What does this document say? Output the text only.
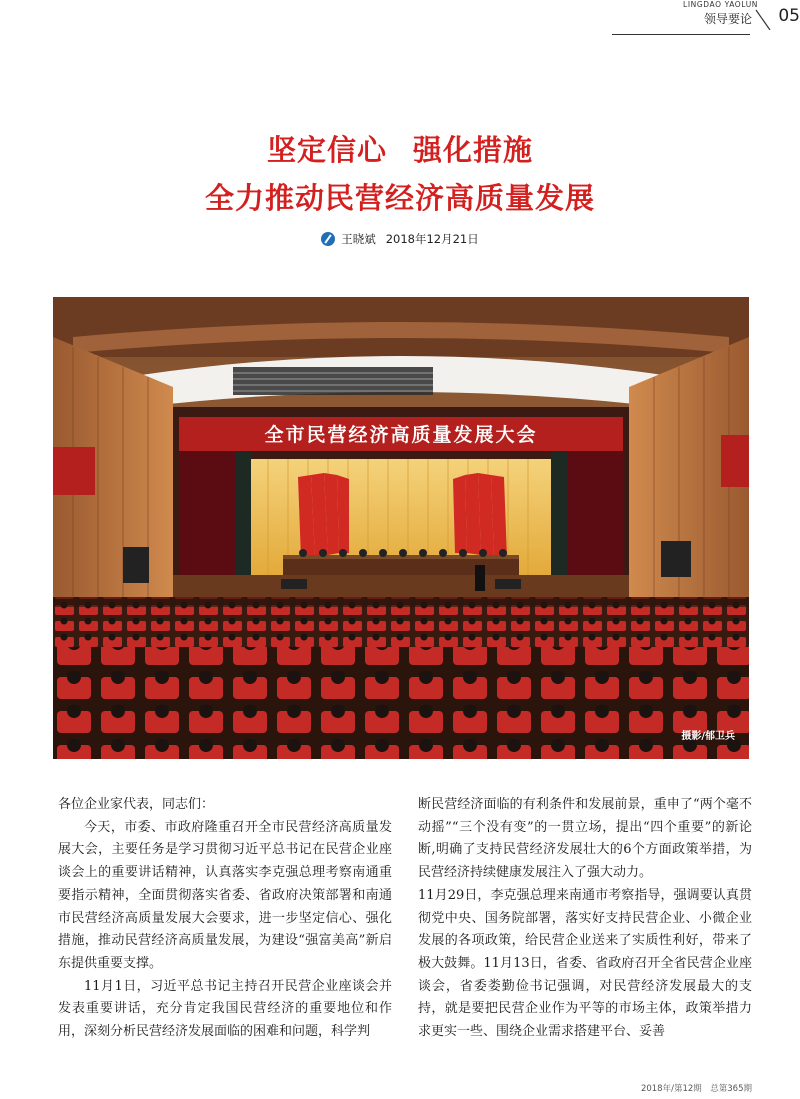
LINGDAO YAOLUN
领导要论 05
坚定信心 强化措施
全力推动民营经济高质量发展
王晓斌 2018年12月21日
全市民营经济高质量发展大会
摄影/郁卫兵

各位企业家代表，同志们：

今天，市委、市政府隆重召开全市民营经济高质量发展大会，主要任务是学习贯彻习近平总书记在民营企业座谈会上的重要讲话精神，认真落实李克强总理考察南通重要指示精神，全面贯彻落实省委、省政府决策部署和南通市民营经济高质量发展大会要求，进一步坚定信心、强化措施，推动民营经济高质量发展，为建设“强富美高”新启东提供重要支撑。

11月1日，习近平总书记主持召开民营企业座谈会并发表重要讲话，充分肯定我国民营经济的重要地位和作用，深刻分析民营经济发展面临的困难和问题，科学判

断民营经济面临的有利条件和发展前景，重申了“两个毫不动摇”“三个没有变”的一贯立场，提出“四个重要”的新论断,明确了支持民营经济发展壮大的6个方面政策举措，为民营经济持续健康发展注入了强大动力。

11月29日，李克强总理来南通市考察指导，强调要认真贯彻党中央、国务院部署，落实好支持民营企业、小微企业发展的各项政策，给民营企业送来了实质性利好，带来了极大鼓舞。11月13日，省委、省政府召开全省民营企业座谈会，省委娄勤俭书记强调，对民营经济发展最大的支持，就是要把民营企业作为平等的市场主体，政策举措力求更实一些、围绕企业需求搭建平台、妥善

2018年/第12期　总第365期
